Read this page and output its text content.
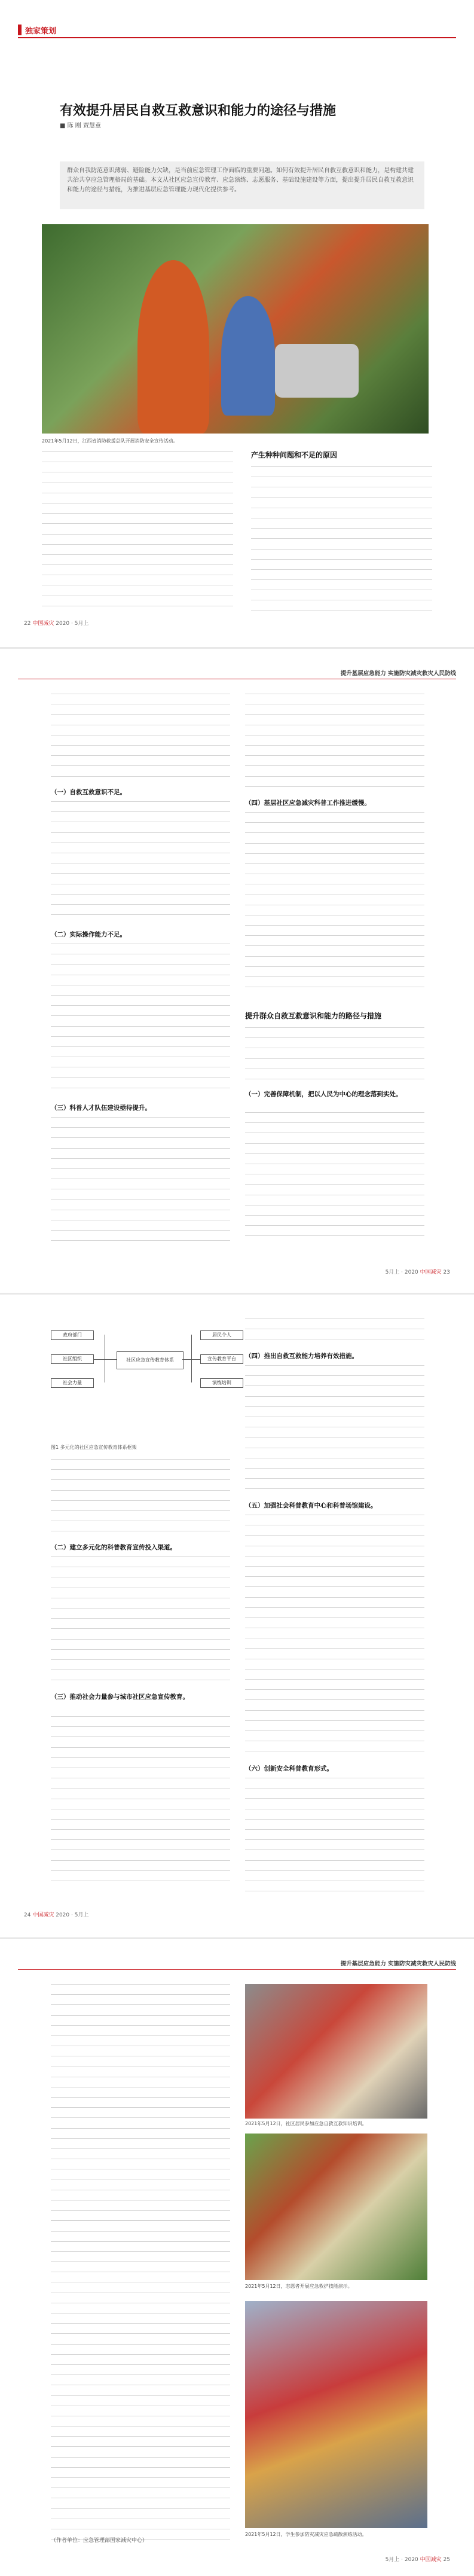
独家策划
有效提升居民自救互救意识和能力的途径与措施
■ 陈 刚 贾慧童
群众自我防范意识薄弱、避险能力欠缺，是当前应急管理工作面临的重要问题。如何有效提升居民自救互救意识和能力，是构建共建共治共享应急管理格局的基础。本文从社区应急宣传教育、应急演练、志愿服务、基础设施建设等方面，提出提升居民自救互救意识和能力的途径与措施，为推进基层应急管理能力现代化提供参考。
2021年5月12日，江西省消防救援总队开展消防安全宣传活动。
产生种种问题和不足的原因
22 中国减灾 2020 · 5月上
提升基层应急能力 实施防灾减灾救灾人民防线
（一）自救互救意识不足。
（二）实际操作能力不足。
（三）科普人才队伍建设亟待提升。
（四）基层社区应急减灾科普工作推进缓慢。
提升群众自救互救意识和能力的路径与措施
（一）完善保障机制，把以人民为中心的理念落到实处。
5月上 · 2020 中国减灾 23
政府部门
社区组织
社会力量
社区应急宣传教育体系
居民个人
宣传教育平台
演练培训
图1 多元化的社区应急宣传教育体系框架
（二）建立多元化的科普教育宣传投入渠道。
（三）推动社会力量参与城市社区应急宣传教育。
（四）推出自救互救能力培养有效措施。
（五）加强社会科普教育中心和科普场馆建设。
（六）创新安全科普教育形式。
24 中国减灾 2020 · 5月上
提升基层应急能力 实施防灾减灾救灾人民防线
（作者单位：应急管理部国家减灾中心）
2021年5月12日，社区居民参加应急自救互救知识培训。
2021年5月12日，志愿者开展应急救护技能演示。
2021年5月12日，学生参加防灾减灾应急疏散演练活动。
5月上 · 2020 中国减灾 25
